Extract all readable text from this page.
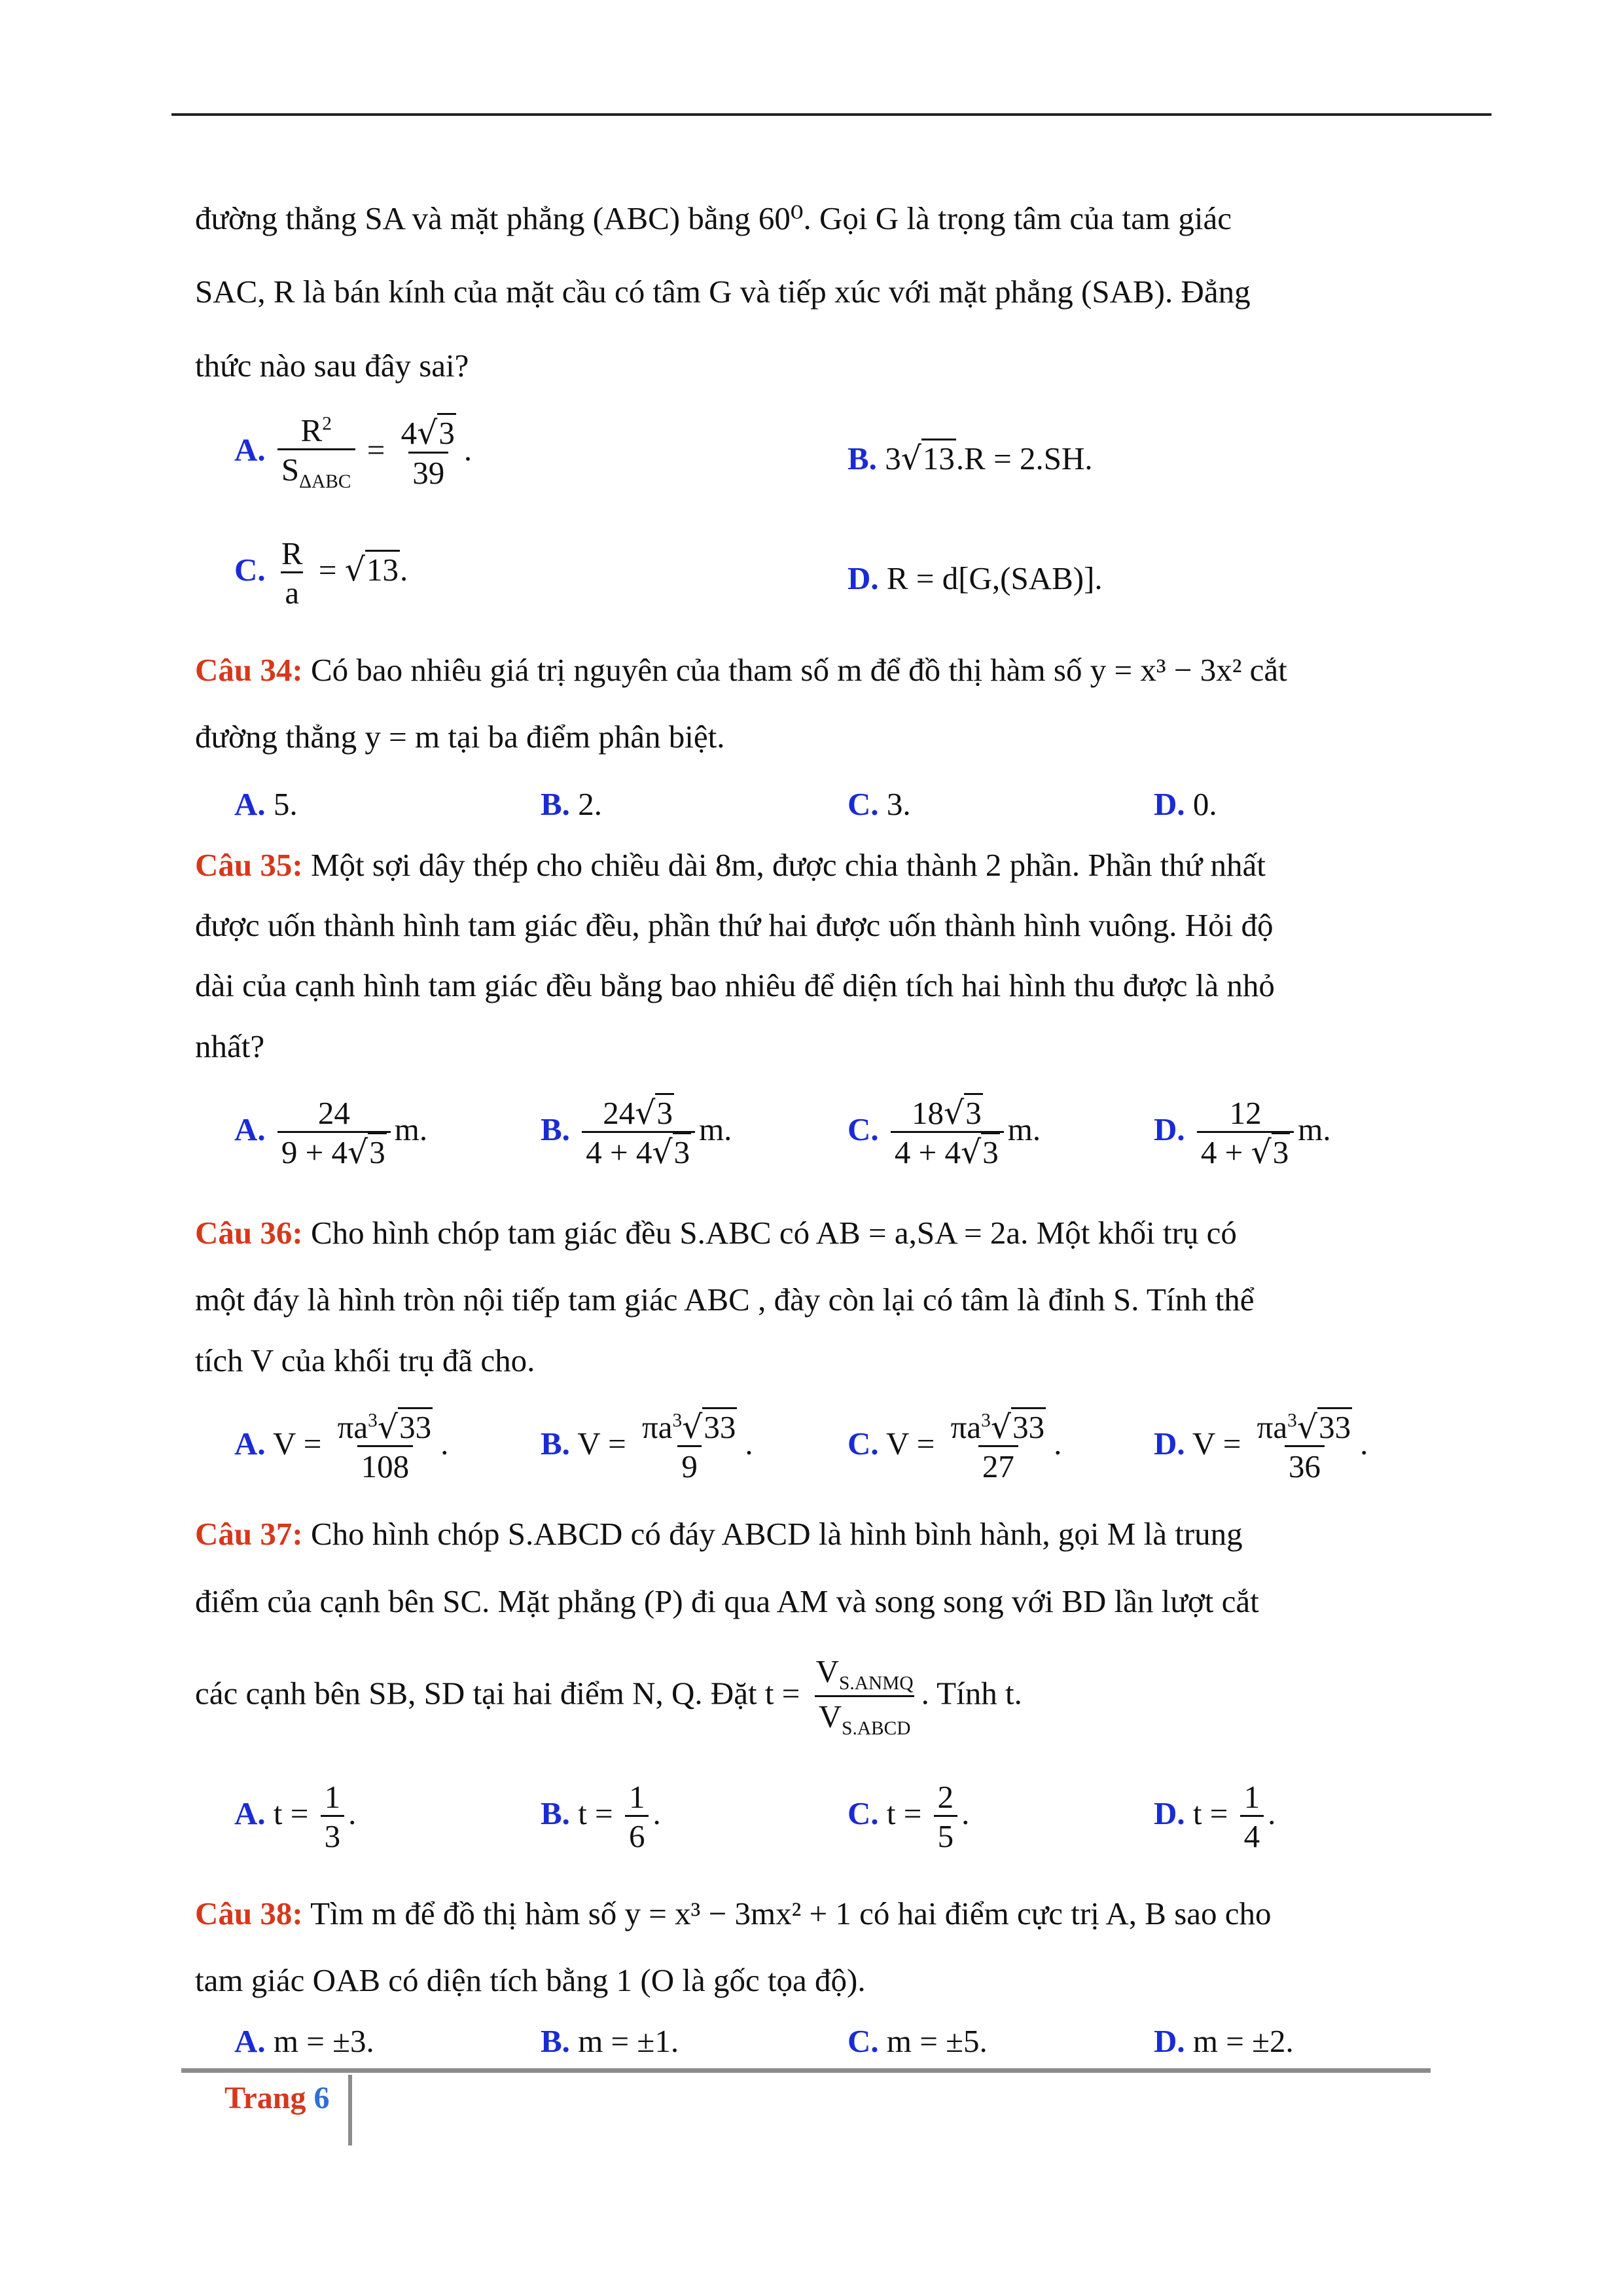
đường thẳng SA và mặt phẳng (ABC) bằng 60⁰. Gọi G là trọng tâm của tam giác
SAC, R là bán kính của mặt cầu có tâm G và tiếp xúc với mặt phẳng (SAB). Đẳng
thức nào sau đây sai?
A. $\frac{R^2}{S_{\Delta ABC}} = \frac{4√3}{39}$ .	B. 3√13.R = 2.SH.
C. $\frac{R}{a} = √13$.	D. R = d[G,(SAB)].
Câu 34: Có bao nhiêu giá trị nguyên của tham số m để đồ thị hàm số y = x³ − 3x² cắt
đường thẳng y = m tại ba điểm phân biệt.
A. 5.	B. 2.	C. 3.	D. 0.
Câu 35: Một sợi dây thép cho chiều dài 8m, được chia thành 2 phần. Phần thứ nhất
được uốn thành hình tam giác đều, phần thứ hai được uốn thành hình vuông. Hỏi độ
dài của cạnh hình tam giác đều bằng bao nhiêu để diện tích hai hình thu được là nhỏ
nhất?
A. $\frac{24}{9 + 4√3} m$.	B. $\frac{24√3}{4 + 4√3} m$.	C. $\frac{18√3}{4 + 4√3} m$.	D. $\frac{12}{4 + √3} m$.
Câu 36: Cho hình chóp tam giác đều S.ABC có AB = a,SA = 2a. Một khối trụ có
một đáy là hình tròn nội tiếp tam giác ABC , đày còn lại có tâm là đỉnh S. Tính thể
tích V của khối trụ đã cho.
A. $V = \frac{\pi a^3√33}{108}$ .	B. $V = \frac{\pi a^3√33}{9}$ .	C. $V = \frac{\pi a^3√33}{27}$ .	D. $V = \frac{\pi a^3√33}{36}$ .
Câu 37: Cho hình chóp S.ABCD có đáy ABCD là hình bình hành, gọi M là trung
điểm của cạnh bên SC. Mặt phẳng (P) đi qua AM và song song với BD lần lượt cắt
các cạnh bên SB, SD tại hai điểm N, Q. Đặt $t = \frac{V_{S.ANMQ}}{V_{S.ABCD}}$ . Tính t.
A. $t = \frac{1}{3}$ .	B. $t = \frac{1}{6}$ .	C. $t = \frac{2}{5}$ .	D. $t = \frac{1}{4}$ .
Câu 38: Tìm m để đồ thị hàm số y = x³ − 3mx² + 1 có hai điểm cực trị A, B sao cho
tam giác OAB có diện tích bằng 1 (O là gốc tọa độ).
A. m = ±3.	B. m = ±1.	C. m = ±5.	D. m = ±2.
Trang 6
